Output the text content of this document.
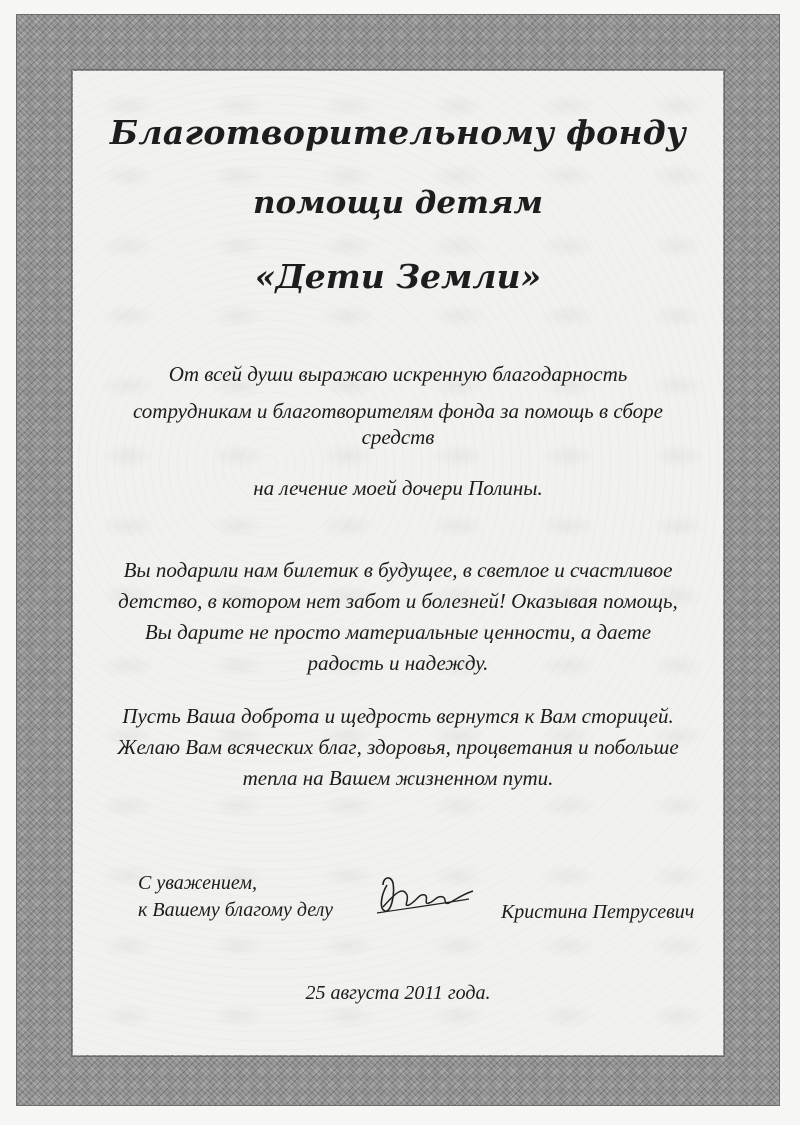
Благотворительному фонду

помощи детям

«Дети Земли»

От всей души выражаю искренную благодарность

сотрудникам и благотворителям фонда за помощь в сборе средств

на лечение моей дочери Полины.

Вы подарили нам билетик в будущее, в светлое и счастливое детство, в котором нет забот и болезней! Оказывая помощь, Вы дарите не просто материальные ценности, а даете радость и надежду.

Пусть Ваша доброта и щедрость вернутся к Вам сторицей. Желаю Вам всяческих благ, здоровья, процветания и побольше тепла на Вашем жизненном пути.

С уважением,
к Вашему благому делу	Кристина Петрусевич
25 августа 2011 года.
